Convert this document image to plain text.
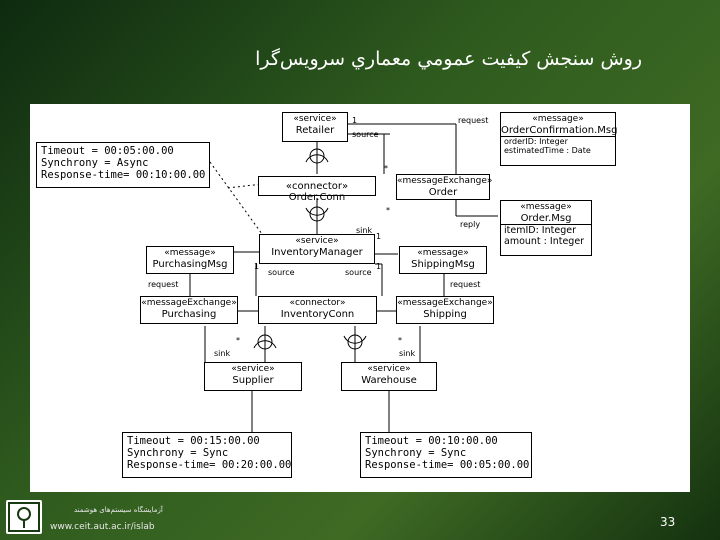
روش سنجش كيفيت عمومي معماري سرويس‌گرا
«service»
Retailer
«message»
OrderConfirmation.Msg
orderID: Integer
estimatedTime : Date
«connector» Order.Conn
«messageExchange»
Order
«message»
Order.Msg
itemID: Integer
amount : Integer
Timeout = 00:05:00.00
Synchrony = Async
Response-time= 00:10:00.00
«service»
InventoryManager
«message»
PurchasingMsg
«message»
ShippingMsg
«messageExchange»
Purchasing
«connector»
InventoryConn
«messageExchange»
Shipping
«service»
Supplier
«service»
Warehouse
Timeout = 00:15:00.00
Synchrony = Sync
Response-time= 00:20:00.00
Timeout = 00:10:00.00
Synchrony = Sync
Response-time= 00:05:00.00
request
source
reply
sink
request	request
source	source
sink	sink
1
1
1	1
*
*
*	*
آزمایشگاه سیستم‌های هوشمند
www.ceit.aut.ac.ir/islab	33
